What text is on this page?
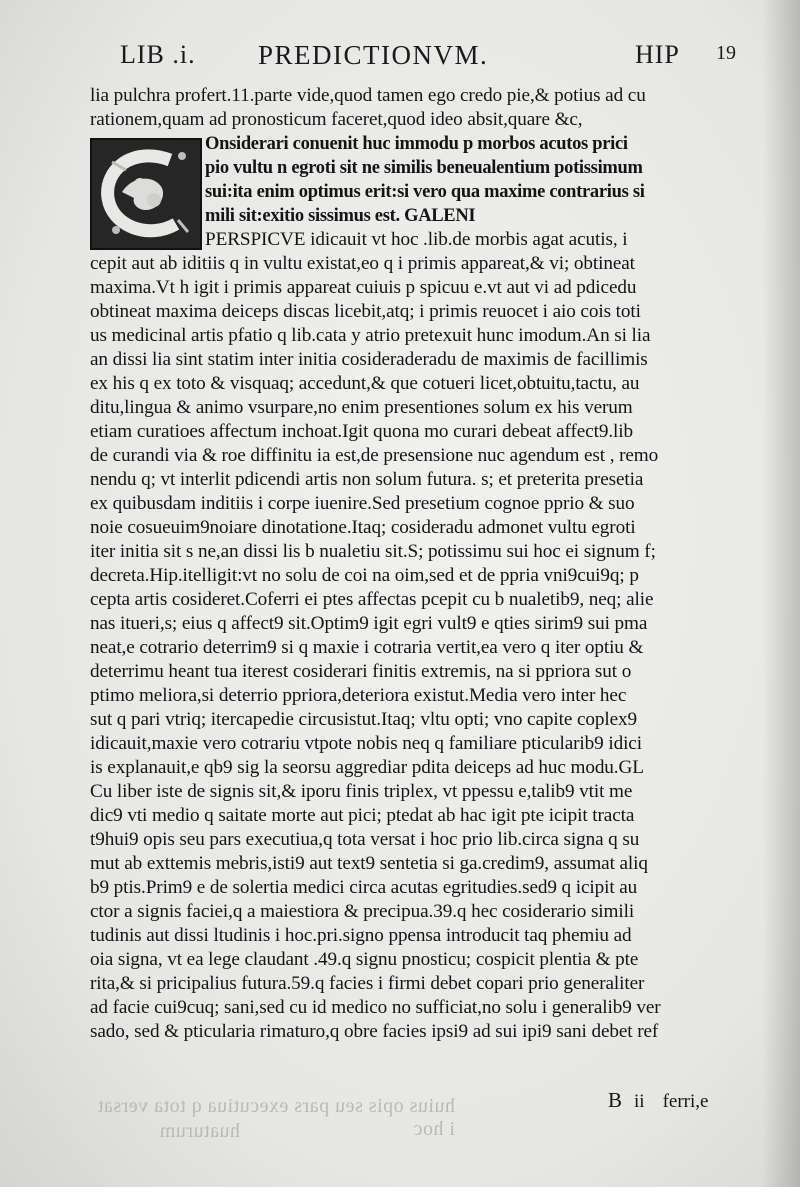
LIB .i. PREDICTIONVM.	HIP 19
lia pulchra profert.11.parte vide,quod tamen ego credo pie,& potius ad cu
rationem,quam ad pronosticum faceret,quod ideo absit,quare &c,
Onsiderari conuenit huc immodu p morbos acutos prici
pio vultu n egroti sit ne similis beneualentium potissimum
sui:ita enim optimus erit:si vero qua maxime contrarius si
mili sit:exitio sissimus est. GALENI
PERSPICVE idicauit vt hoc .lib.de morbis agat acutis, i
cepit aut ab iditiis q in vultu existat,eo q i primis appareat,& vi; obtineat
maxima.Vt h igit i primis appareat cuiuis p spicuu e.vt aut vi ad pdicedu
obtineat maxima deiceps discas licebit,atq; i primis reuocet i aio cois toti
us medicinal artis pfatio q lib.cata y atrio pretexuit hunc imodum.An si lia
an dissi lia sint statim inter initia cosideraderadu de maximis de facillimis
ex his q ex toto & visquaq; accedunt,& que cotueri licet,obtuitu,tactu, au
ditu,lingua & animo vsurpare,no enim presentiones solum ex his verum
etiam curatioes affectum inchoat.Igit quona mo curari debeat affect9.lib
de curandi via & roe diffinitu ia est,de presensione nuc agendum est , remo
nendu q; vt interlit pdicendi artis non solum futura. s; et preterita presetia
ex quibusdam inditiis i corpe iuenire.Sed presetium cognoe pprio & suo
noie cosueuim9noiare dinotatione.Itaq; cosideradu admonet vultu egroti
iter initia sit s ne,an dissi lis b nualetiu sit.S; potissimu sui hoc ei signum f;
decreta.Hip.itelligit:vt no solu de coi na oim,sed et de ppria vni9cui9q; p
cepta artis cosideret.Coferri ei ptes affectas pcepit cu b nualetib9, neq; alie
nas itueri,s; eius q affect9 sit.Optim9 igit egri vult9 e qties sirim9 sui pma
neat,e cotrario deterrim9 si q maxie i cotraria vertit,ea vero q iter optiu &
deterrimu heant tua iterest cosiderari finitis extremis, na si ppriora sut o
ptimo meliora,si deterrio ppriora,deteriora existut.Media vero inter hec
sut q pari vtriq; itercapedie circusistut.Itaq; vltu opti; vno capite coplex9
idicauit,maxie vero cotrariu vtpote nobis neq q familiare pticularib9 idici
is explanauit,e qb9 sig la seorsu aggrediar pdita deiceps ad huc modu.GL
Cu liber iste de signis sit,& iporu finis triplex, vt ppessu e,talib9 vtit me
dic9 vti medio q saitate morte aut pici; ptedat ab hac igit pte icipit tracta
t9hui9 opis seu pars executiua,q tota versat i hoc prio lib.circa signa q su
mut ab exttemis mebris,isti9 aut text9 sentetia si ga.credim9, assumat aliq
b9 ptis.Prim9 e de solertia medici circa acutas egritudies.sed9 q icipit au
ctor a signis faciei,q a maiestiora & precipua.39.q hec cosiderario simili
tudinis aut dissi ltudinis i hoc.pri.signo ppensa introducit taq phemiu ad
oia signa, vt ea lege claudant .49.q signu pnosticu; cospicit plentia & pte
rita,& si pricipalius futura.59.q facies i firmi debet copari prio generaliter
ad facie cui9cuq; sani,sed cu id medico no sufficiat,no solu i generalib9 ver
sado, sed & pticularia rimaturo,q obre facies ipsi9 ad sui ipi9 sani debet ref
B ii ferri,e
huius opis seu pars executiua q tota versat i hoc
huaturum
